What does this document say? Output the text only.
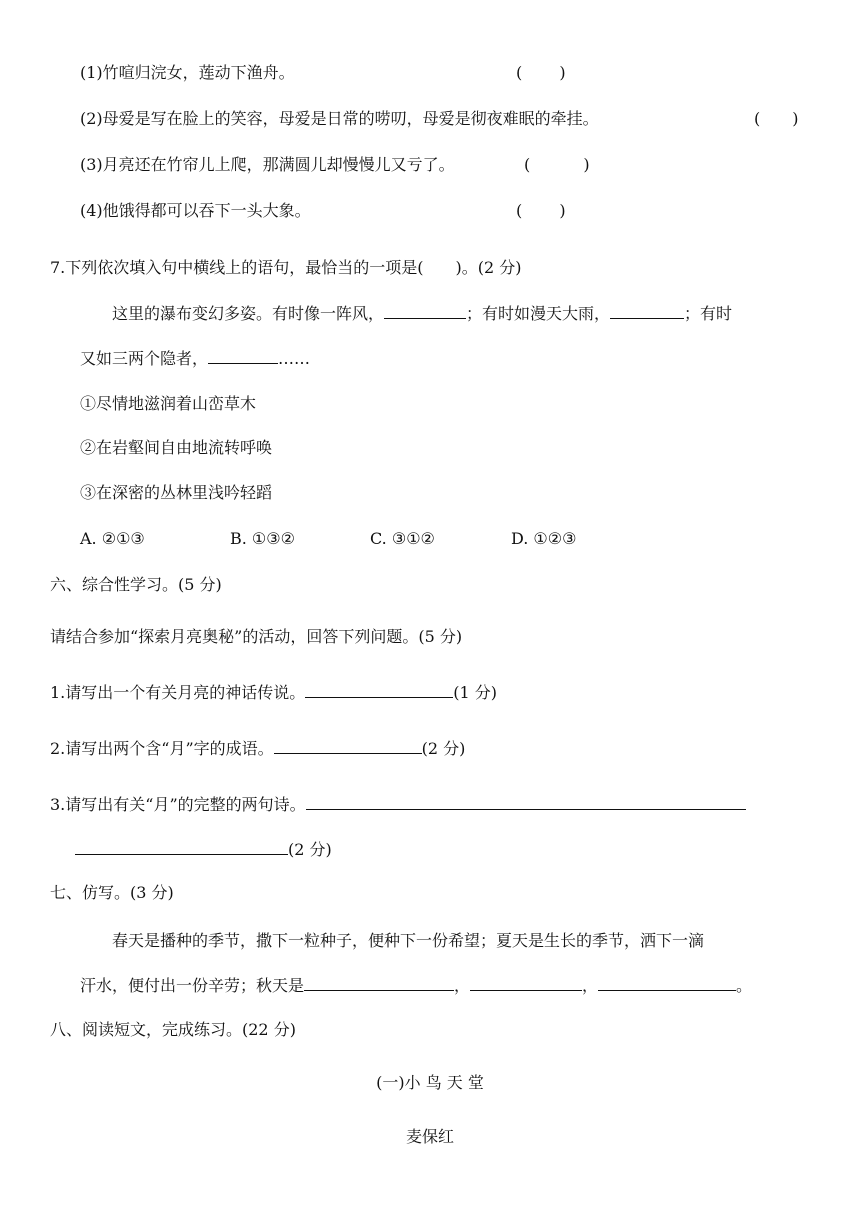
(1)竹喧归浣女，莲动下渔舟。	(　　 )
(2)母爱是写在脸上的笑容，母爱是日常的唠叨，母爱是彻夜难眠的牵挂。	(　　)
(3)月亮还在竹帘儿上爬，那满圆儿却慢慢儿又亏了。	(　　　 )
(4)他饿得都可以吞下一头大象。	(　　 )
7.下列依次填入句中横线上的语句，最恰当的一项是(　　)。(2 分)
这里的瀑布变幻多姿。有时像一阵风，	；有时如漫天大雨，	；有时
又如三两个隐者，	……
①尽情地滋润着山峦草木
②在岩壑间自由地流转呼唤
③在深密的丛林里浅吟轻蹈
A. ②①③	B. ①③②	C. ③①②	D. ①②③
六、综合性学习。(5 分)
请结合参加“探索月亮奥秘”的活动，回答下列问题。(5 分)
1.请写出一个有关月亮的神话传说。	(1 分)
2.请写出两个含“月”字的成语。	(2 分)
3.请写出有关“月”的完整的两句诗。
(2 分)
七、仿写。(3 分)
春天是播种的季节，撒下一粒种子，便种下一份希望；夏天是生长的季节，洒下一滴
汗水，便付出一份辛劳；秋天是	，	，	。
八、阅读短文，完成练习。(22 分)
(一)小 鸟 天 堂
麦保红
